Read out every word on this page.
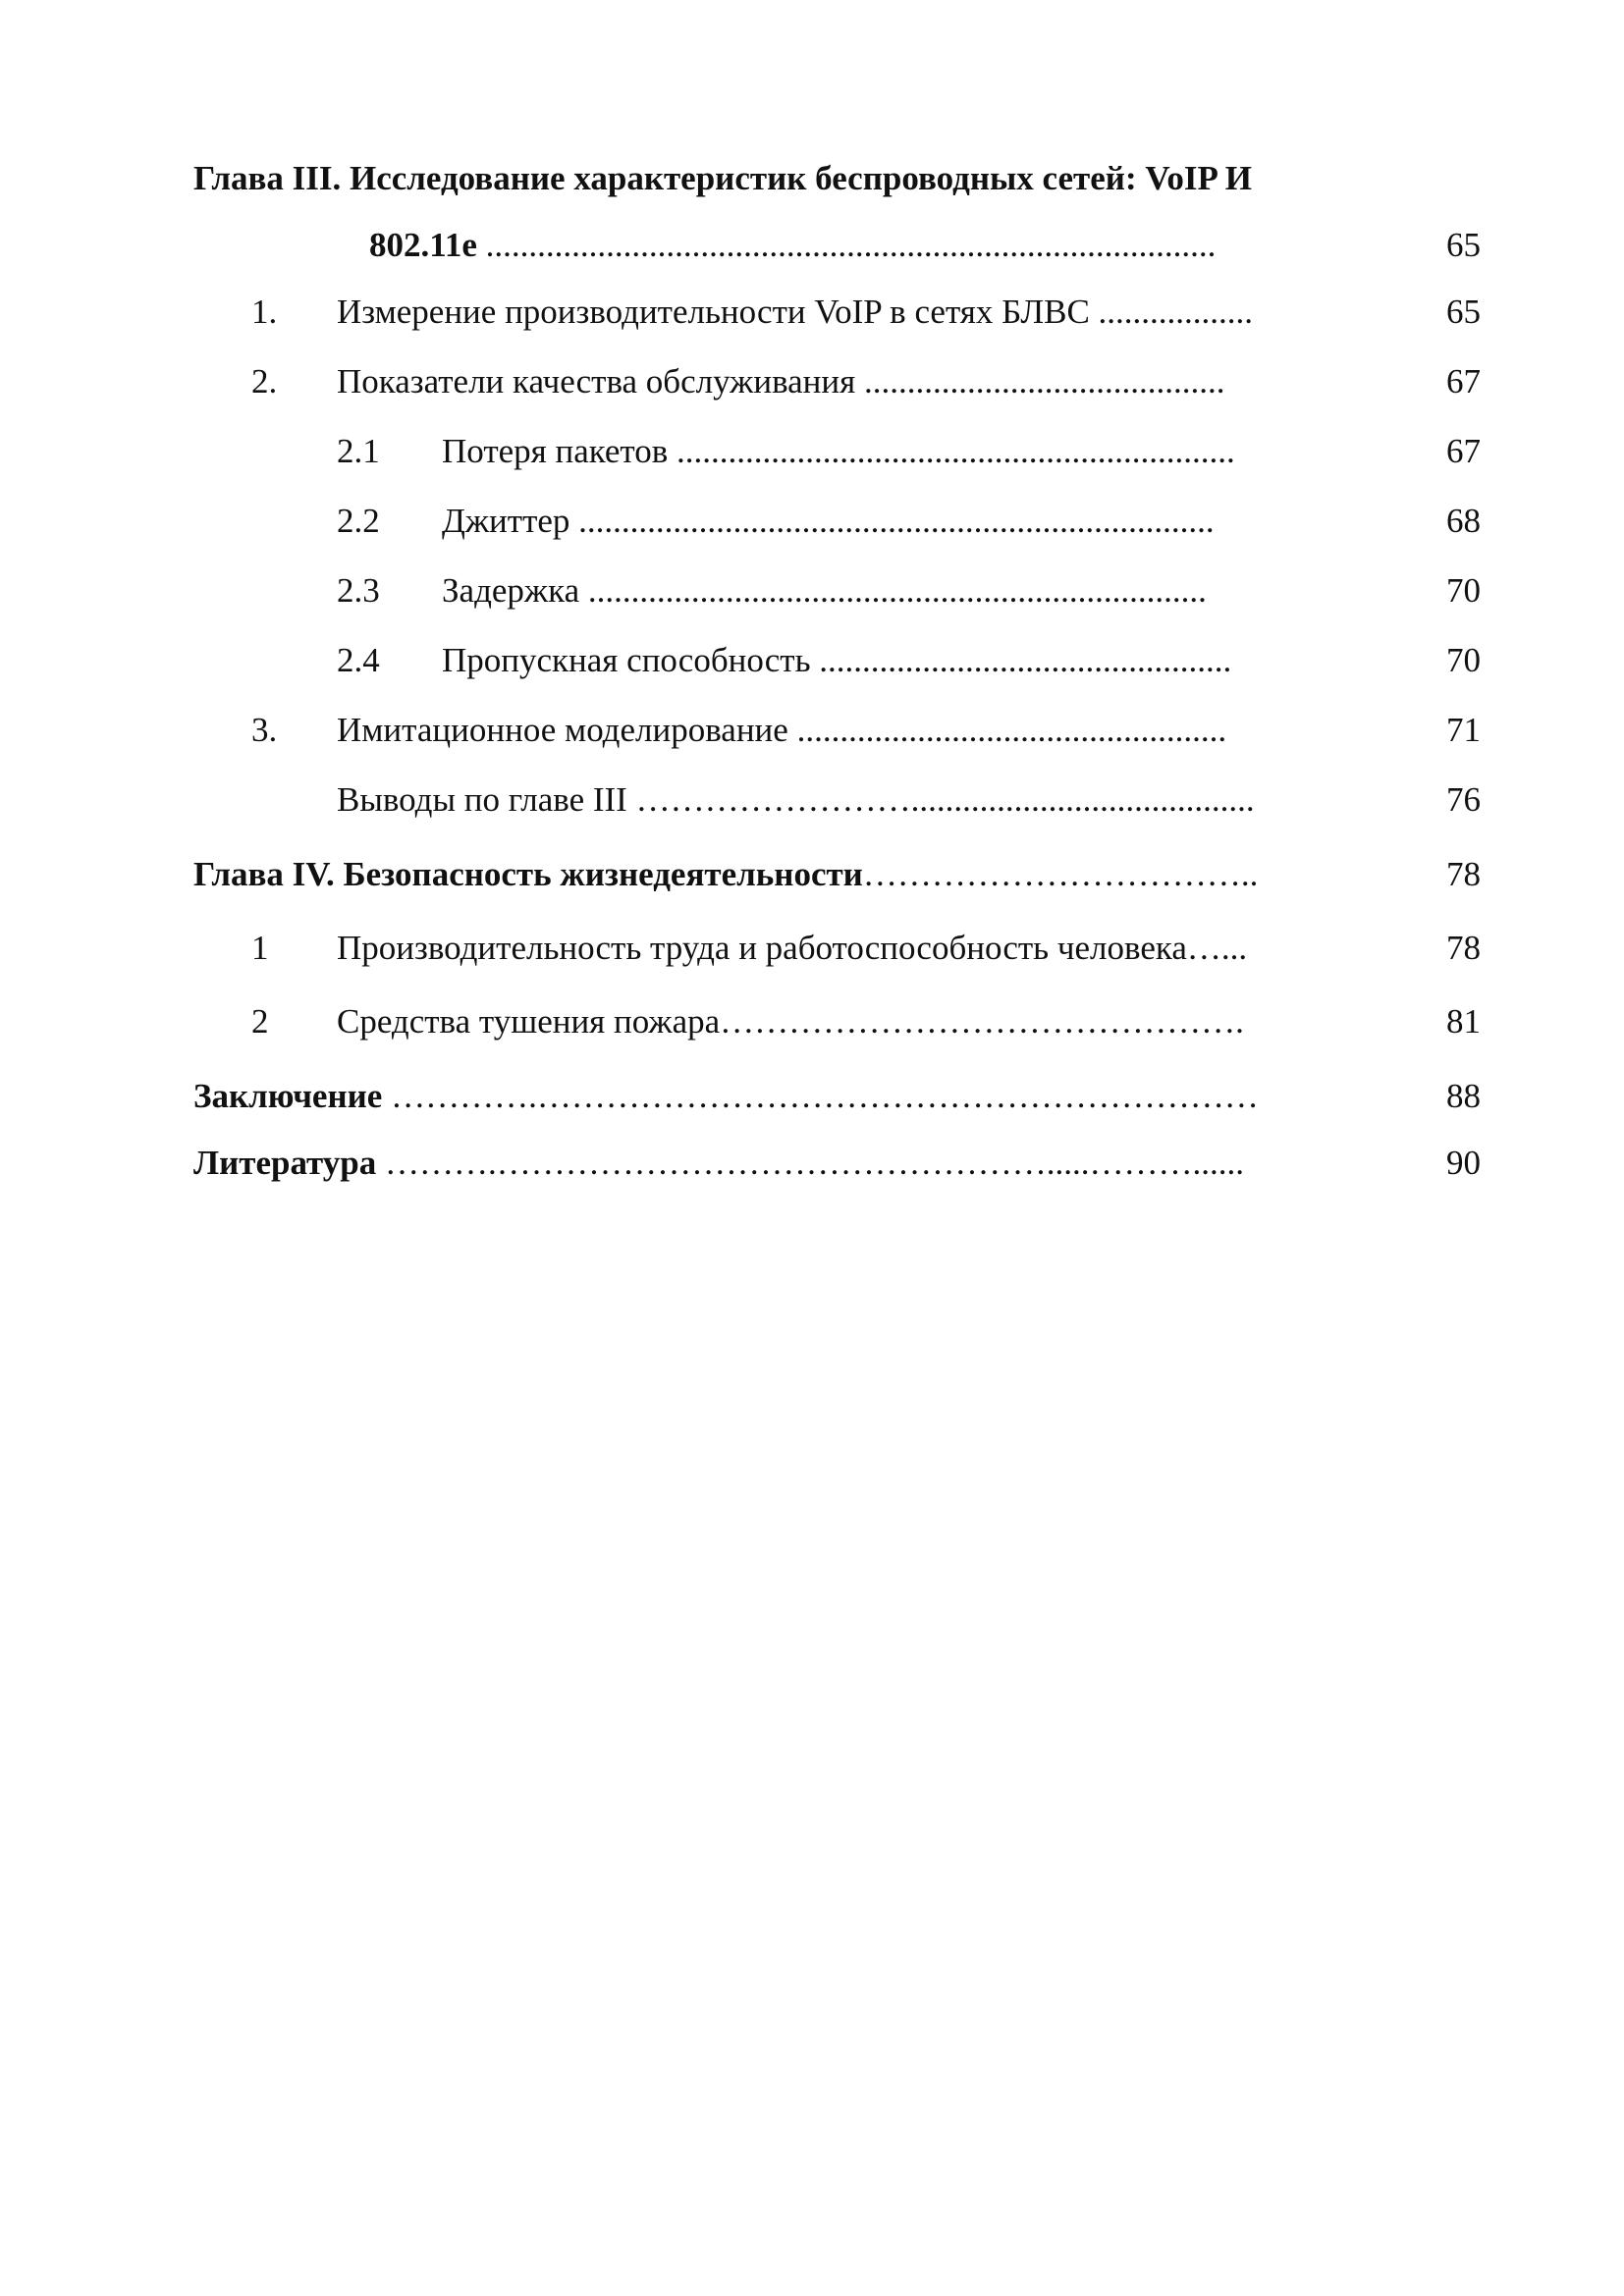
Глава III. Исследование характеристик беспроводных сетей: VoIP И
802.11е .....................................................................................	65
1. Измерение производительности VoIP в сетях БЛВС ..................	65
2. Показатели качества обслуживания ..........................................	67
2.1 Потеря пакетов .................................................................	67
2.2 Джиттер ..........................................................................	68
2.3 Задержка ........................................................................	70
2.4 Пропускная способность ................................................	70
3. Имитационное моделирование ..................................................	71
Выводы по главе III ……………………........................................	76
Глава IV. Безопасность жизнедеятельности……………………………..	78
1 Производительность труда и работоспособность человека…...	78
2 Средства тушения пожара……………………………………….	81
Заключение ………….………………………………………………………	88
Литература ……….………………………………………….....………......	90
